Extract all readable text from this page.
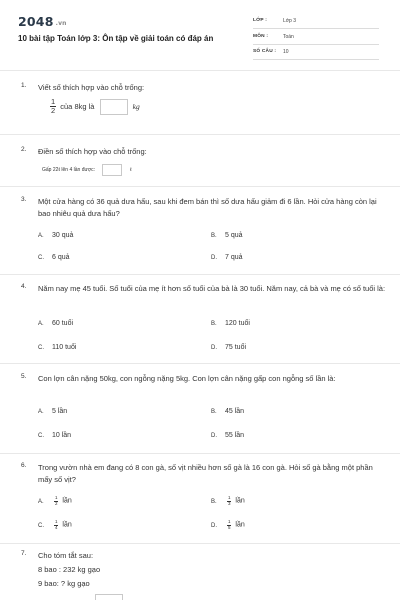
2048 .vn
10 bài tập Toán lớp 3: Ôn tập về giải toán có đáp án
LỚP :	Lớp 3
MÔN :	Toán
SỐ CÂU : 10
1. Viết số thích hợp vào chỗ trống:
$\frac{1}{2}$ của 8kg là	kg
2. Điền số thích hợp vào chỗ trống:
Gấp 22ℓ lên 4 lần được:	ℓ
3. Một cửa hàng có 36 quả dưa hấu, sau khi đem bán thì số dưa hấu giảm đi 6 lần. Hỏi cửa hàng còn lại bao nhiêu quả dưa hấu?
A. 30 quả	B. 5 quả
C. 6 quả	D. 7 quả
4. Năm nay mẹ 45 tuổi. Số tuổi của mẹ ít hơn số tuổi của bà là 30 tuổi. Năm nay, cả bà và mẹ có số tuổi là:
A. 60 tuổi	B. 120 tuổi
C. 110 tuổi	D. 75 tuổi
5. Con lợn cân nặng 50kg, con ngỗng nặng 5kg. Con lợn cân nặng gấp con ngỗng số lần là:
A. 5 lần	B. 45 lần
C. 10 lần	D. 55 lần
6. Trong vườn nhà em đang có 8 con gà, số vịt nhiều hơn số gà là 16 con gà. Hỏi số gà bằng một phần mấy số vịt?
A. $\frac{1}{2}$ lần	B. $\frac{1}{3}$ lần
C. $\frac{1}{4}$ lần	D. $\frac{1}{5}$ lần
7. Cho tóm tắt sau:
8 bao : 232 kg gạo
9 bao: ? kg gạo
